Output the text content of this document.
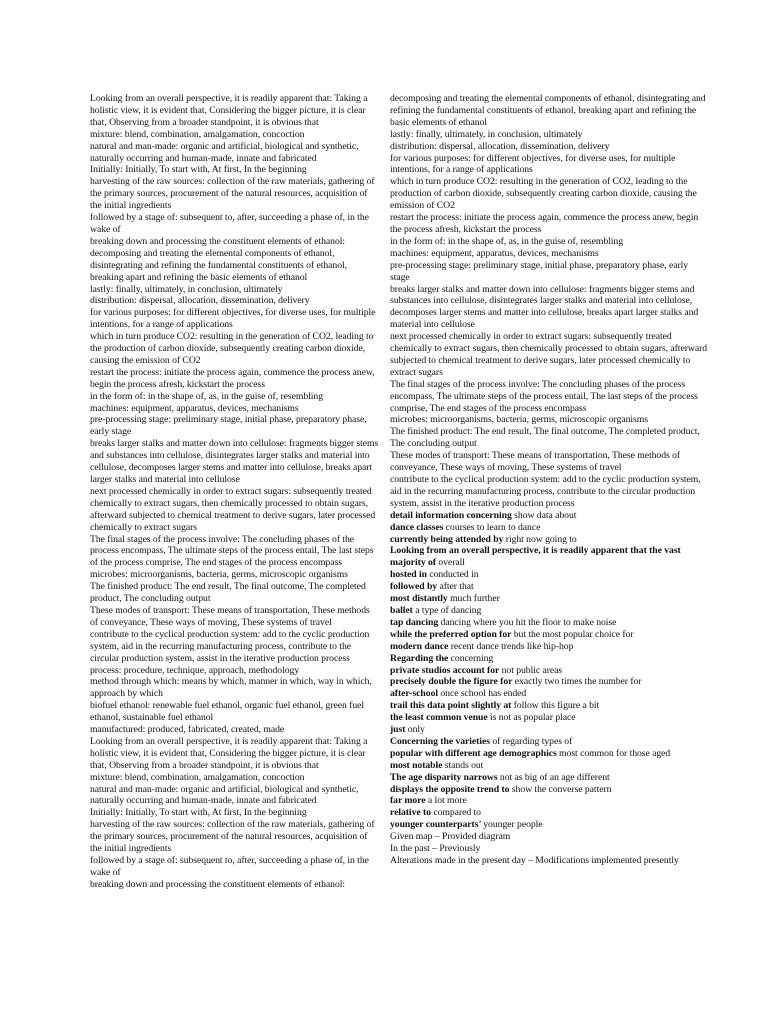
Looking from an overall perspective, it is readily apparent that: Taking a holistic view, it is evident that, Considering the bigger picture, it is clear that, Observing from a broader standpoint, it is obvious that

mixture: blend, combination, amalgamation, concoction

natural and man-made: organic and artificial, biological and synthetic, naturally occurring and human-made, innate and fabricated

Initially: Initially, To start with, At first, In the beginning

harvesting of the raw sources: collection of the raw materials, gathering of the primary sources, procurement of the natural resources, acquisition of the initial ingredients

followed by a stage of: subsequent to, after, succeeding a phase of, in the wake of

breaking down and processing the constituent elements of ethanol: decomposing and treating the elemental components of ethanol, disintegrating and refining the fundamental constituents of ethanol, breaking apart and refining the basic elements of ethanol

lastly: finally, ultimately, in conclusion, ultimately

distribution: dispersal, allocation, dissemination, delivery

for various purposes: for different objectives, for diverse uses, for multiple intentions, for a range of applications

which in turn produce CO2: resulting in the generation of CO2, leading to the production of carbon dioxide, subsequently creating carbon dioxide, causing the emission of CO2

restart the process: initiate the process again, commence the process anew, begin the process afresh, kickstart the process

in the form of: in the shape of, as, in the guise of, resembling

machines: equipment, apparatus, devices, mechanisms

pre-processing stage: preliminary stage, initial phase, preparatory phase, early stage

breaks larger stalks and matter down into cellulose: fragments bigger stems and substances into cellulose, disintegrates larger stalks and material into cellulose, decomposes larger stems and matter into cellulose, breaks apart larger stalks and material into cellulose

next processed chemically in order to extract sugars: subsequently treated chemically to extract sugars, then chemically processed to obtain sugars, afterward subjected to chemical treatment to derive sugars, later processed chemically to extract sugars

The final stages of the process involve: The concluding phases of the process encompass, The ultimate steps of the process entail, The last steps of the process comprise, The end stages of the process encompass

microbes: microorganisms, bacteria, germs, microscopic organisms

The finished product: The end result, The final outcome, The completed product, The concluding output

These modes of transport: These means of transportation, These methods of conveyance, These ways of moving, These systems of travel

contribute to the cyclical production system: add to the cyclic production system, aid in the recurring manufacturing process, contribute to the circular production system, assist in the iterative production process

process: procedure, technique, approach, methodology

method through which: means by which, manner in which, way in which, approach by which

biofuel ethanol: renewable fuel ethanol, organic fuel ethanol, green fuel ethanol, sustainable fuel ethanol

manufactured: produced, fabricated, created, made

Looking from an overall perspective, it is readily apparent that: Taking a holistic view, it is evident that, Considering the bigger picture, it is clear that, Observing from a broader standpoint, it is obvious that

mixture: blend, combination, amalgamation, concoction

natural and man-made: organic and artificial, biological and synthetic, naturally occurring and human-made, innate and fabricated

Initially: Initially, To start with, At first, In the beginning

harvesting of the raw sources: collection of the raw materials, gathering of the primary sources, procurement of the natural resources, acquisition of the initial ingredients

followed by a stage of: subsequent to, after, succeeding a phase of, in the wake of

breaking down and processing the constituent elements of ethanol:

decomposing and treating the elemental components of ethanol, disintegrating and refining the fundamental constituents of ethanol, breaking apart and refining the basic elements of ethanol

lastly: finally, ultimately, in conclusion, ultimately

distribution: dispersal, allocation, dissemination, delivery

for various purposes: for different objectives, for diverse uses, for multiple intentions, for a range of applications

which in turn produce CO2: resulting in the generation of CO2, leading to the production of carbon dioxide, subsequently creating carbon dioxide, causing the emission of CO2

restart the process: initiate the process again, commence the process anew, begin the process afresh, kickstart the process

in the form of: in the shape of, as, in the guise of, resembling

machines: equipment, apparatus, devices, mechanisms

pre-processing stage: preliminary stage, initial phase, preparatory phase, early stage

breaks larger stalks and matter down into cellulose: fragments bigger stems and substances into cellulose, disintegrates larger stalks and material into cellulose, decomposes larger stems and matter into cellulose, breaks apart larger stalks and material into cellulose

next processed chemically in order to extract sugars: subsequently treated chemically to extract sugars, then chemically processed to obtain sugars, afterward subjected to chemical treatment to derive sugars, later processed chemically to extract sugars

The final stages of the process involve: The concluding phases of the process encompass, The ultimate steps of the process entail, The last steps of the process comprise, The end stages of the process encompass

microbes: microorganisms, bacteria, germs, microscopic organisms

The finished product: The end result, The final outcome, The completed product, The concluding output

These modes of transport: These means of transportation, These methods of conveyance, These ways of moving, These systems of travel

contribute to the cyclical production system: add to the cyclic production system, aid in the recurring manufacturing process, contribute to the circular production system, assist in the iterative production process

detail information concerning show data about

dance classes courses to learn to dance

currently being attended by right now going to

Looking from an overall perspective, it is readily apparent that the vast majority of overall

hosted in conducted in

followed by after that

most distantly much further

ballet a type of dancing

tap dancing dancing where you hit the floor to make noise

while the preferred option for but the most popular choice for

modern dance recent dance trends like hip-hop

Regarding the concerning

private studios account for not public areas

precisely double the figure for exactly two times the number for

after-school once school has ended

trail this data point slightly at follow this figure a bit

the least common venue is not as popular place

just only

Concerning the varieties of regarding types of

popular with different age demographics most common for those aged

most notable stands out

The age disparity narrows not as big of an age different

displays the opposite trend to show the converse pattern

far more a lot more

relative to compared to

younger counterparts’ younger people

Given map – Provided diagram

In the past – Previously

Alterations made in the present day – Modifications implemented presently
